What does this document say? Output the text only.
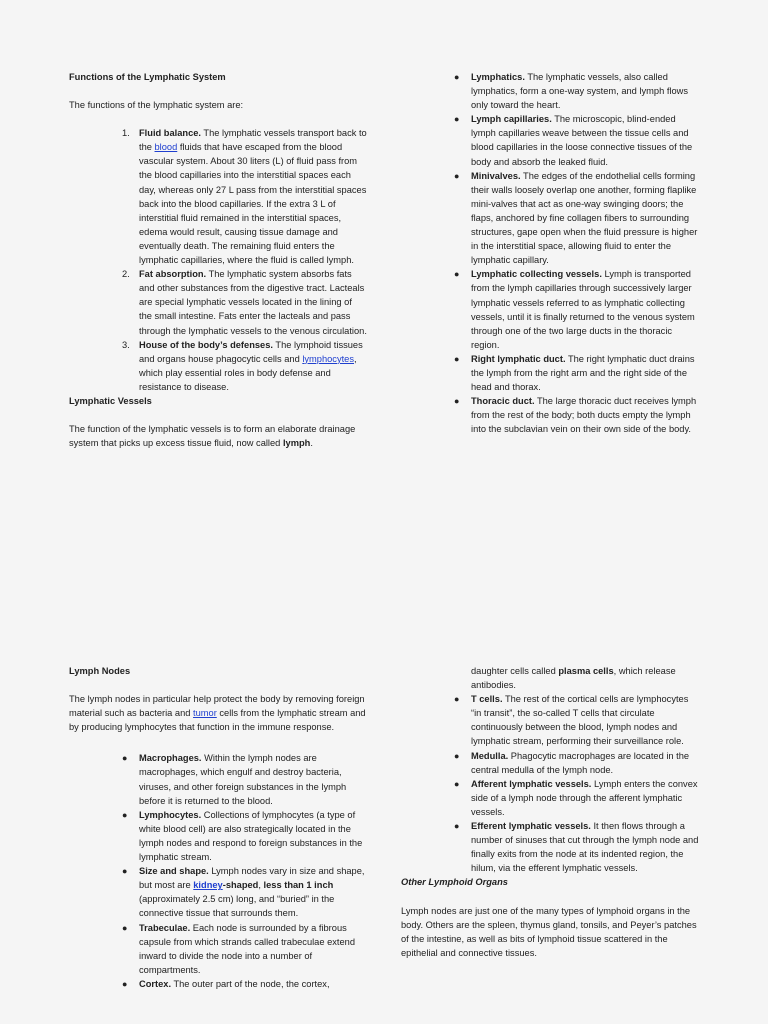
Functions of the Lymphatic System

The functions of the lymphatic system are:

1. Fluid balance. The lymphatic vessels transport back to the blood fluids that have escaped from the blood vascular system. About 30 liters (L) of fluid pass from the blood capillaries into the interstitial spaces each day, whereas only 27 L pass from the interstitial spaces back into the blood capillaries. If the extra 3 L of interstitial fluid remained in the interstitial spaces, edema would result, causing tissue damage and eventually death. The remaining fluid enters the lymphatic capillaries, where the fluid is called lymph.
2. Fat absorption. The lymphatic system absorbs fats and other substances from the digestive tract. Lacteals are special lymphatic vessels located in the lining of the small intestine. Fats enter the lacteals and pass through the lymphatic vessels to the venous circulation.
3. House of the body’s defenses. The lymphoid tissues and organs house phagocytic cells and lymphocytes, which play essential roles in body defense and resistance to disease.

Lymphatic Vessels

The function of the lymphatic vessels is to form an elaborate drainage system that picks up excess tissue fluid, now called lymph.

● Lymphatics. The lymphatic vessels, also called lymphatics, form a one-way system, and lymph flows only toward the heart.
● Lymph capillaries. The microscopic, blind-ended lymph capillaries weave between the tissue cells and blood capillaries in the loose connective tissues of the body and absorb the leaked fluid.
● Minivalves. The edges of the endothelial cells forming their walls loosely overlap one another, forming flaplike mini-valves that act as one-way swinging doors; the flaps, anchored by fine collagen fibers to surrounding structures, gape open when the fluid pressure is higher in the interstitial space, allowing fluid to enter the lymphatic capillary.
● Lymphatic collecting vessels. Lymph is transported from the lymph capillaries through successively larger lymphatic vessels referred to as lymphatic collecting vessels, until it is finally returned to the venous system through one of the two large ducts in the thoracic region.
● Right lymphatic duct. The right lymphatic duct drains the lymph from the right arm and the right side of the head and thorax.
● Thoracic duct. The large thoracic duct receives lymph from the rest of the body; both ducts empty the lymph into the subclavian vein on their own side of the body.

Lymph Nodes

The lymph nodes in particular help protect the body by removing foreign material such as bacteria and tumor cells from the lymphatic stream and by producing lymphocytes that function in the immune response.

● Macrophages. Within the lymph nodes are macrophages, which engulf and destroy bacteria, viruses, and other foreign substances in the lymph before it is returned to the blood.
● Lymphocytes. Collections of lymphocytes (a type of white blood cell) are also strategically located in the lymph nodes and respond to foreign substances in the lymphatic stream.
● Size and shape. Lymph nodes vary in size and shape, but most are kidney-shaped, less than 1 inch (approximately 2.5 cm) long, and “buried” in the connective tissue that surrounds them.
● Trabeculae. Each node is surrounded by a fibrous capsule from which strands called trabeculae extend inward to divide the node into a number of compartments.
● Cortex. The outer part of the node, the cortex,

daughter cells called plasma cells, which release antibodies.

● T cells. The rest of the cortical cells are lymphocytes “in transit”, the so-called T cells that circulate continuously between the blood, lymph nodes and lymphatic stream, performing their surveillance role.
● Medulla. Phagocytic macrophages are located in the central medulla of the lymph node.
● Afferent lymphatic vessels. Lymph enters the convex side of a lymph node through the afferent lymphatic vessels.
● Efferent lymphatic vessels. It then flows through a number of sinuses that cut through the lymph node and finally exits from the node at its indented region, the hilum, via the efferent lymphatic vessels.

Other Lymphoid Organs

Lymph nodes are just one of the many types of lymphoid organs in the body. Others are the spleen, thymus gland, tonsils, and Peyer’s patches of the intestine, as well as bits of lymphoid tissue scattered in the epithelial and connective tissues.
